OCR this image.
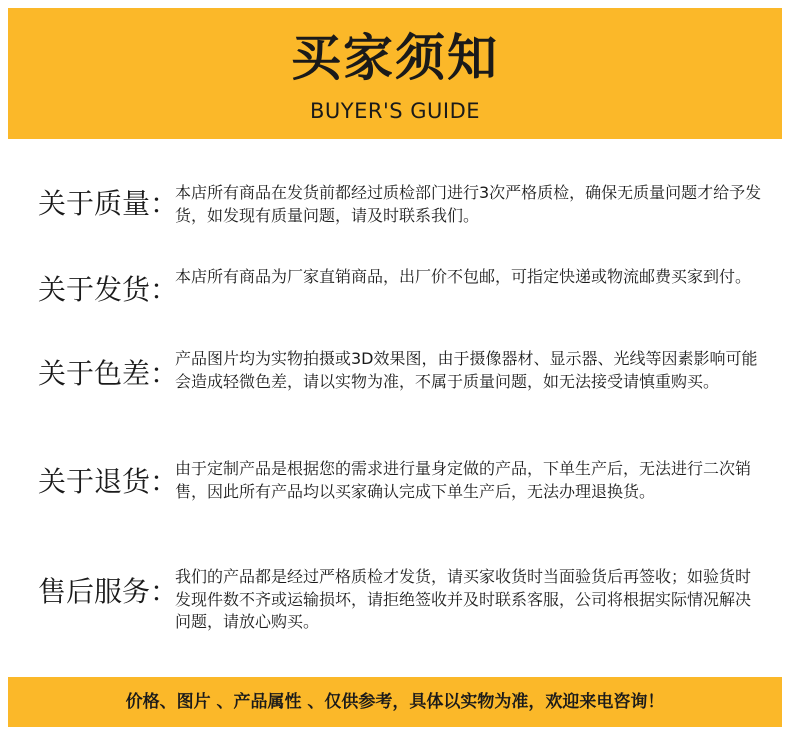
买家须知
BUYER'S GUIDE
关于质量：
本店所有商品在发货前都经过质检部门进行3次严格质检，确保无质量问题才给予发货，如发现有质量问题，请及时联系我们。
关于发货：
本店所有商品为厂家直销商品，出厂价不包邮，可指定快递或物流邮费买家到付。
关于色差：
产品图片均为实物拍摄或3D效果图，由于摄像器材、显示器、光线等因素影响可能会造成轻微色差，请以实物为准，不属于质量问题，如无法接受请慎重购买。
关于退货：
由于定制产品是根据您的需求进行量身定做的产品，下单生产后，无法进行二次销售，因此所有产品均以买家确认完成下单生产后，无法办理退换货。
售后服务：
我们的产品都是经过严格质检才发货，请买家收货时当面验货后再签收；如验货时发现件数不齐或运输损坏，请拒绝签收并及时联系客服，公司将根据实际情况解决问题，请放心购买。
价格、图片 、产品属性 、仅供参考，具体以实物为准，欢迎来电咨询！
